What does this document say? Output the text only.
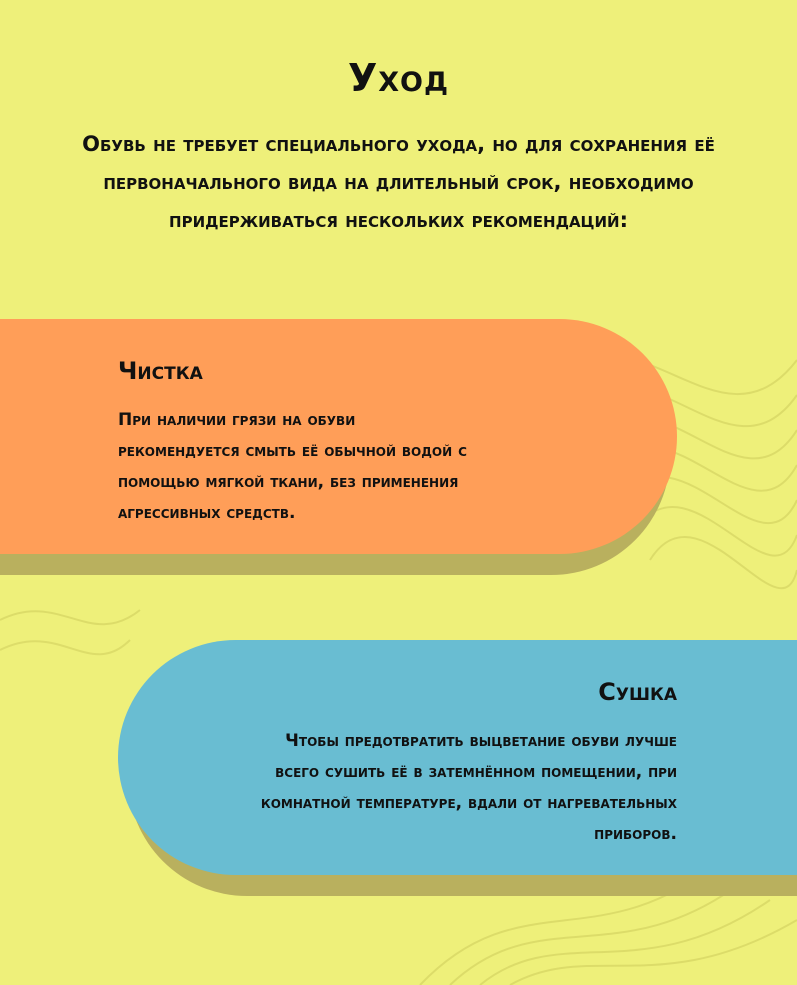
Уход
Обувь не требует специального ухода, но для сохранения её первоначального вида на длительный срок, необходимо придерживаться нескольких рекомендаций:
Чистка
При наличии грязи на обуви рекомендуется смыть её обычной водой с помощью мягкой ткани, без применения агрессивных средств.
Сушка
Чтобы предотвратить выцветание обуви лучше всего сушить её в затемнённом помещении, при комнатной температуре, вдали от нагревательных приборов.
